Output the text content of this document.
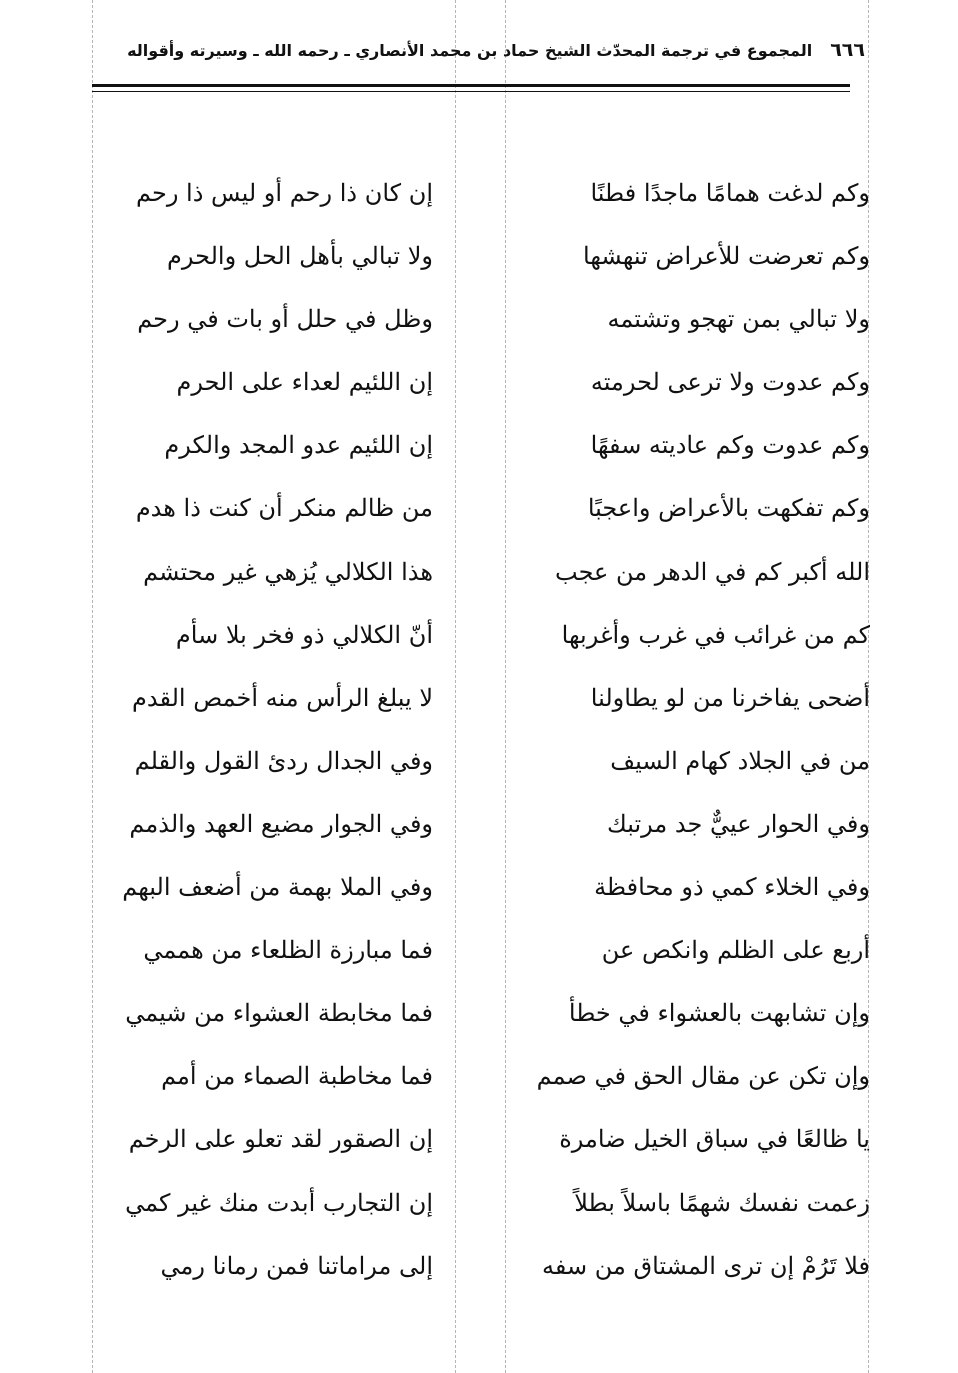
٦٦٦
المجموع في ترجمة المحدّث الشيخ حماد بن محمد الأنصاري ـ رحمه الله ـ وسيرته وأقواله
وكم لدغت همامًا ماجدًا فطنًا
وكم تعرضت للأعراض تنهشها
ولا تبالي بمن تهجو وتشتمه
وكم عدوت ولا ترعى لحرمته
وكم عدوت وكم عاديته سفهًا
وكم تفكهت بالأعراض واعجبًا
الله أكبر كم في الدهر من عجب
كم من غرائب في غرب وأغربها
أضحى يفاخرنا من لو يطاولنا
من في الجلاد كهام السيف
وفي الحوار عييٌّ جد مرتبك
وفي الخلاء كمي ذو محافظة
أربع على الظلم وانكص عن
وإن تشابهت بالعشواء في خطأ
وإن تكن عن مقال الحق في صمم
يا ظالعًا في سباق الخيل ضامرة
زعمت نفسك شهمًا باسلاً بطلاً
فلا تَرُمْ إن ترى المشتاق من سفه
إن كان ذا رحم أو ليس ذا رحم
ولا تبالي بأهل الحل والحرم
وظل في حلل أو بات في رحم
إن اللئيم لعداء على الحرم
إن اللئيم عدو المجد والكرم
من ظالم منكر أن كنت ذا هدم
هذا الكلالي يُزهي غير محتشم
أنّ الكلالي ذو فخر بلا سأم
لا يبلغ الرأس منه أخمص القدم
وفي الجدال ردئ القول والقلم
وفي الجوار مضيع العهد والذمم
وفي الملا بهمة من أضعف البهم
فما مبارزة الظلعاء من هممي
فما مخابطة العشواء من شيمي
فما مخاطبة الصماء من أمم
إن الصقور لقد تعلو على الرخم
إن التجارب أبدت منك غير كمي
إلى مراماتنا فمن رمانا رمي
